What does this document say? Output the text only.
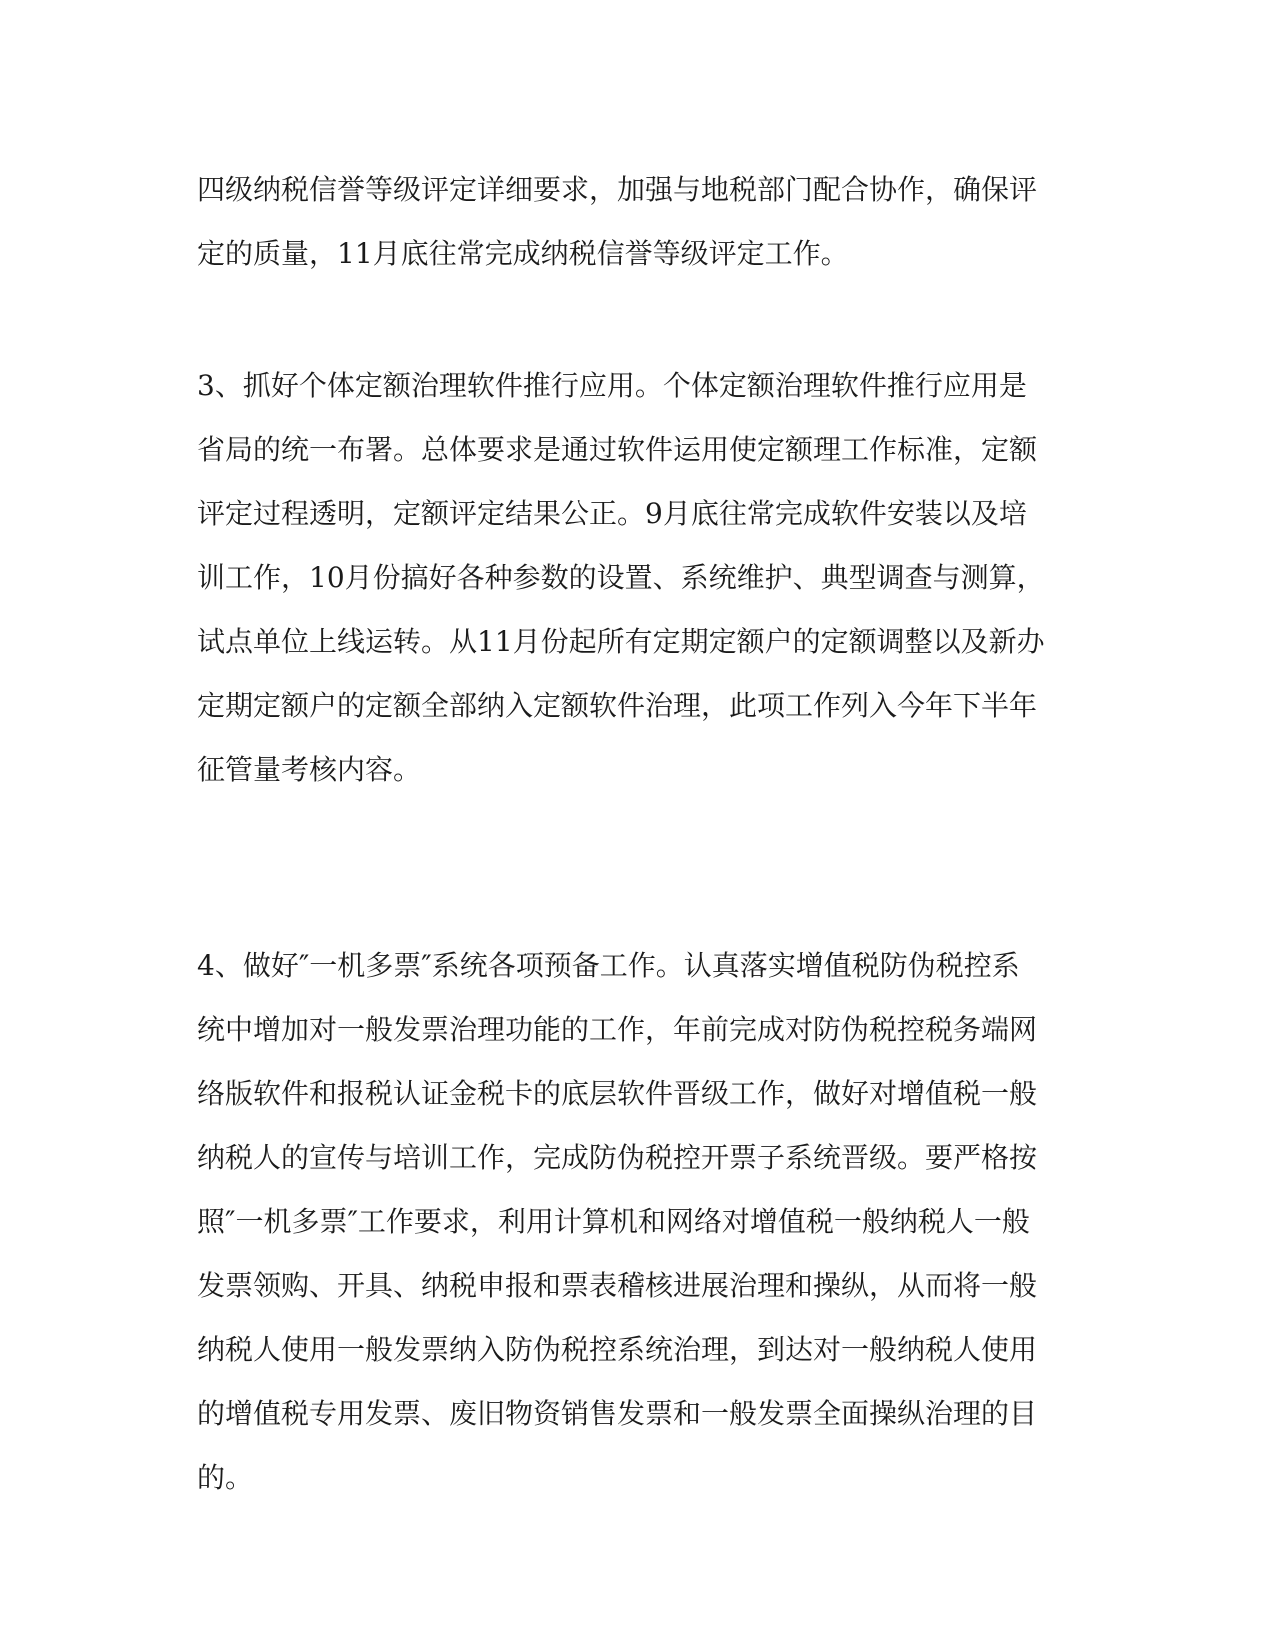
四级纳税信誉等级评定详细要求，加强与地税部门配合协作，确保评
定的质量，11月底往常完成纳税信誉等级评定工作。
3、抓好个体定额治理软件推行应用。个体定额治理软件推行应用是
省局的统一布署。总体要求是通过软件运用使定额理工作标准，定额
评定过程透明，定额评定结果公正。9月底往常完成软件安装以及培
训工作，10月份搞好各种参数的设置、系统维护、典型调查与测算，
试点单位上线运转。从11月份起所有定期定额户的定额调整以及新办
定期定额户的定额全部纳入定额软件治理，此项工作列入今年下半年
征管量考核内容。
4、做好″一机多票″系统各项预备工作。认真落实增值税防伪税控系
统中增加对一般发票治理功能的工作，年前完成对防伪税控税务端网
络版软件和报税认证金税卡的底层软件晋级工作，做好对增值税一般
纳税人的宣传与培训工作，完成防伪税控开票子系统晋级。要严格按
照″一机多票″工作要求，利用计算机和网络对增值税一般纳税人一般
发票领购、开具、纳税申报和票表稽核进展治理和操纵，从而将一般
纳税人使用一般发票纳入防伪税控系统治理，到达对一般纳税人使用
的增值税专用发票、废旧物资销售发票和一般发票全面操纵治理的目
的。
